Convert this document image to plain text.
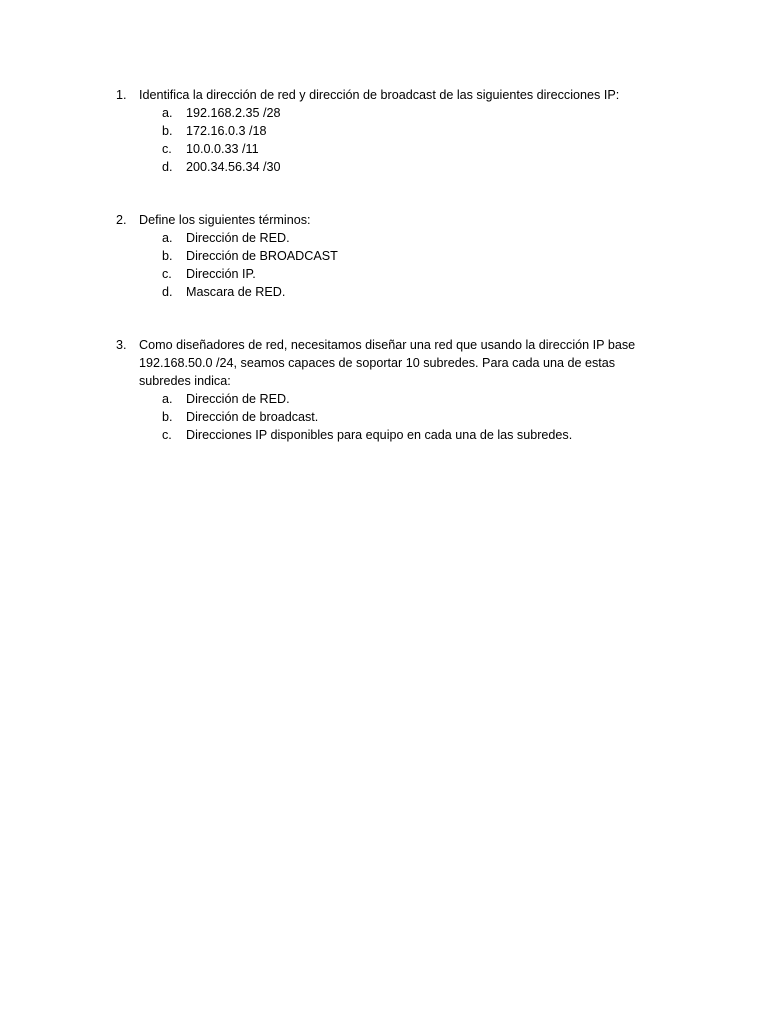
1. Identifica la dirección de red y dirección de broadcast de las siguientes direcciones IP:
a. 192.168.2.35 /28
b. 172.16.0.3 /18
c. 10.0.0.33 /11
d. 200.34.56.34 /30
2. Define los siguientes términos:
a. Dirección de RED.
b. Dirección de BROADCAST
c. Dirección IP.
d. Mascara de RED.
3. Como diseñadores de red, necesitamos diseñar una red que usando la dirección IP base 192.168.50.0 /24, seamos capaces de soportar 10 subredes. Para cada una de estas subredes indica:
a. Dirección de RED.
b. Dirección de broadcast.
c. Direcciones IP disponibles para equipo en cada una de las subredes.
